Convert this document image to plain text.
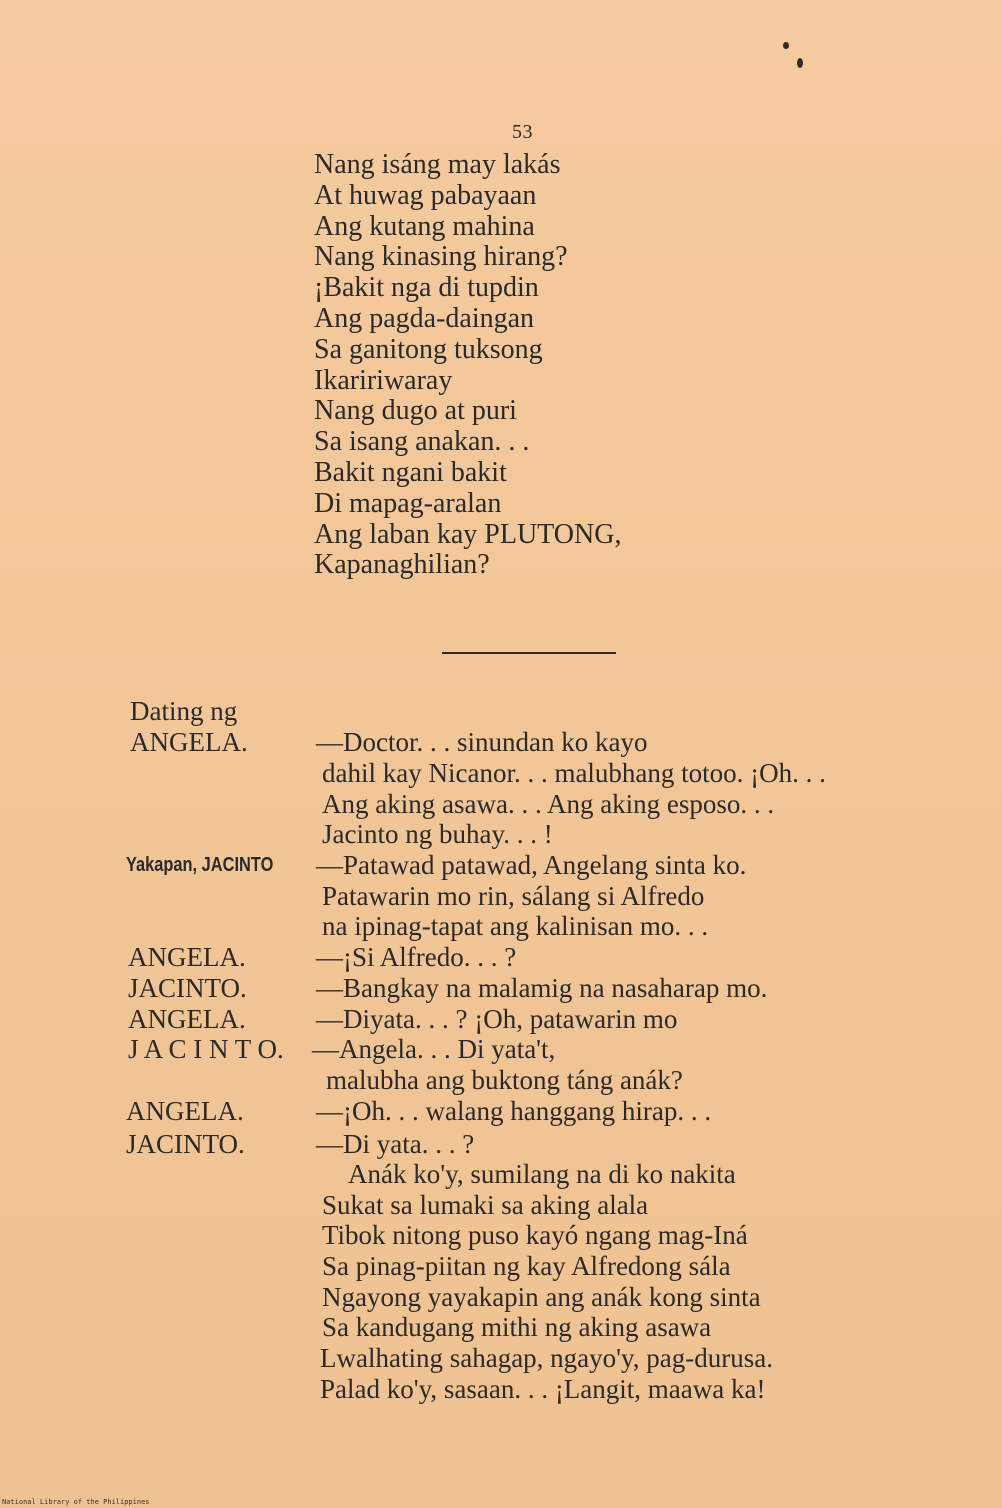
53
Nang isáng may lakás
At huwag pabayaan
Ang kutang mahina
Nang kinasing hirang?
¡Bakit nga di tupdin
Ang pagda-daingan
Sa ganitong tuksong
Ikaririwaray
Nang dugo at puri
Sa isang anakan. . .
Bakit ngani bakit
Di mapag-aralan
Ang laban kay PLUTONG,
Kapanaghilian?
Dating ng
ANGELA.	—Doctor. . . sinundan ko kayo
dahil kay Nicanor. . . malubhang totoo. ¡Oh. . .
Ang aking asawa. . . Ang aking esposo. . .
Jacinto ng buhay. . . !
Yakapan, JACINTO —Patawad patawad, Angelang sinta ko.
Patawarin mo rin, sálang si Alfredo
na ipinag-tapat ang kalinisan mo. . .
ANGELA.	—¡Si Alfredo. . . ?
JACINTO.	—Bangkay na malamig na nasaharap mo.
ANGELA.	—Diyata. . . ? ¡Oh, patawarin mo
J A C I N T O. —Angela. . . Di yata't,
malubha ang buktong táng anák?
ANGELA.	—¡Oh. . . walang hanggang hirap. . .
JACINTO.	—Di yata. . . ?
Anák ko'y, sumilang na di ko nakita
Sukat sa lumaki sa aking alala
Tibok nitong puso kayó ngang mag-Iná
Sa pinag-piitan ng kay Alfredong sála
Ngayong yayakapin ang anák kong sinta
Sa kandugang mithi ng aking asawa
Lwalhating sahagap, ngayo'y, pag-durusa.
Palad ko'y, sasaan. . . ¡Langit, maawa ka!
National Library of the Philippines
